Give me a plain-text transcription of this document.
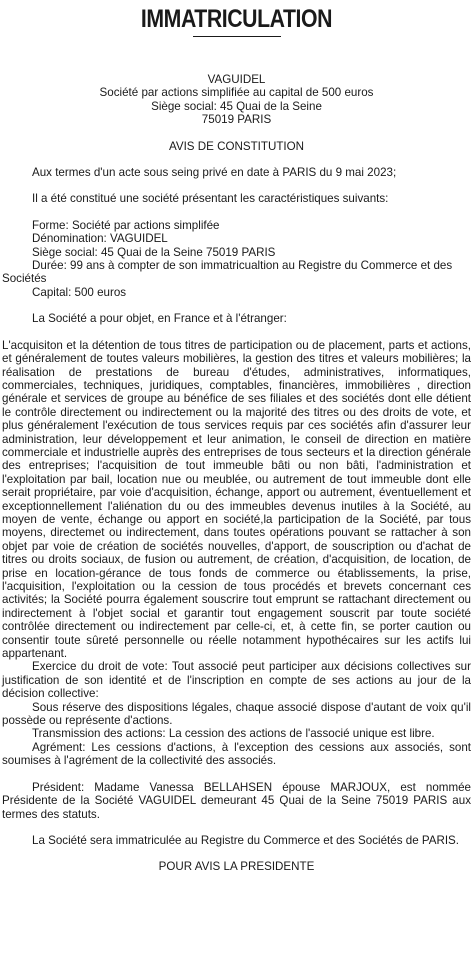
IMMATRICULATION
VAGUIDEL
Société par actions simplifiée au capital de 500 euros
Siège social: 45 Quai de la Seine
75019 PARIS
AVIS DE CONSTITUTION

Aux termes d'un acte sous seing privé en date à PARIS du 9 mai 2023;

Il a été constitué une société présentant les caractéristiques suivants:

Forme: Société par actions simplifée
Dénomination: VAGUIDEL
Siège social: 45 Quai de la Seine 75019 PARIS
Durée: 99 ans à compter de son immatricualtion au Registre du Commerce et des Sociétés
Capital: 500 euros

La Société a pour objet, en France et à l'étranger:

L'acquisiton et la détention de tous titres de participation ou de placement, parts et actions, et généralement de toutes valeurs mobilières, la gestion des titres et valeurs mobilières; la réalisation de prestations de bureau d'études, administratives, informatiques, commerciales, techniques, juridiques, comptables, financières, immobilières , direction générale et services de groupe au bénéfice de ses filiales et des sociétés dont elle détient le contrôle directement ou indirectement ou la majorité des titres ou des droits de vote, et plus généralement l'exécution de tous services requis par ces sociétés afin d'assurer leur administration, leur développement et leur animation, le conseil de direction en matière commerciale et industrielle auprès des entreprises de tous secteurs et la direction générale des entreprises; l'acquisition de tout immeuble bâti ou non bâti, l'administration et l'exploitation par bail, location nue ou meublée, ou autrement de tout immeuble dont elle serait propriétaire, par voie d'acquisition, échange, apport ou autrement, éventuellement et exceptionnellement l'aliénation du ou des immeubles devenus inutiles à la Société, au moyen de vente, échange ou apport en société,la participation de la Société, par tous moyens, directemet ou indirectement, dans toutes opérations pouvant se rattacher à son objet par voie de création de sociétés nouvelles, d'apport, de souscription ou d'achat de titres ou droits sociaux, de fusion ou autrement, de création, d'acquisition, de location, de prise en location-gérance de tous fonds de commerce ou établissements, la prise, l'acquisition, l'exploitation ou la cession de tous procédés et brevets concernant ces activités; la Société pourra également souscrire tout emprunt se rattachant directement ou indirectement à l'objet social et garantir tout engagement souscrit par toute société contrôlée directement ou indirectement par celle-ci, et, à cette fin, se porter caution ou consentir toute sûreté personnelle ou réelle notamment hypothécaires sur les actifs lui appartenant.

Exercice du droit de vote: Tout associé peut participer aux décisions collectives sur justification de son identité et de l'inscription en compte de ses actions au jour de la décision collective:

Sous réserve des dispositions légales, chaque associé dispose d'autant de voix qu'il possède ou représente d'actions.

Transmission des actions: La cession des actions de l'associé unique est libre.

Agrément: Les cessions d'actions, à l'exception des cessions aux associés, sont soumises à l'agrément de la collectivité des associés.

Président: Madame Vanessa BELLAHSEN épouse MARJOUX, est nommée Présidente de la Société VAGUIDEL demeurant 45 Quai de la Seine 75019 PARIS aux termes des statuts.

La Société sera immatriculée au Registre du Commerce et des Sociétés de PARIS.

POUR AVIS LA PRESIDENTE
